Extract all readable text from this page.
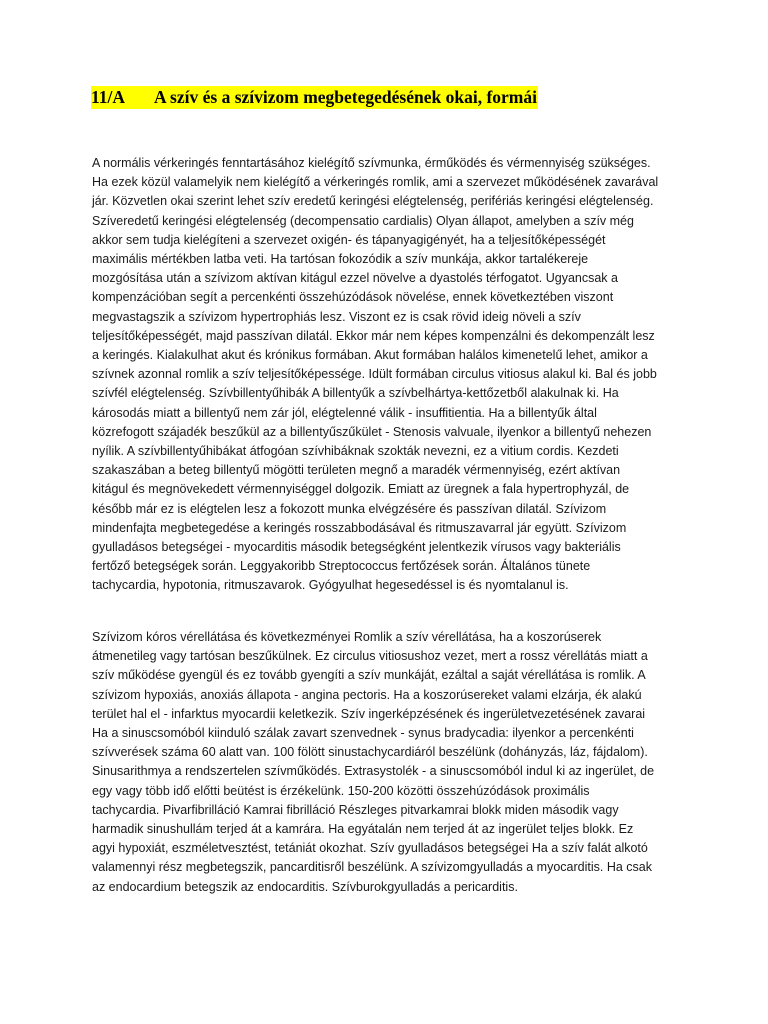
11/A A szív és a szívizom megbetegedésének okai, formái
A normális vérkeringés fenntartásához kielégítő szívmunka, érműködés és vérmennyiség szükséges.
Ha ezek közül valamelyik nem kielégítő a vérkeringés romlik, ami a szervezet működésének zavarával
jár. Közvetlen okai szerint lehet szív eredetű keringési elégtelenség, perifériás keringési elégtelenség.
Szíveredetű keringési elégtelenség (decompensatio cardialis) Olyan állapot, amelyben a szív még
akkor sem tudja kielégíteni a szervezet oxigén- és tápanyagigényét, ha a teljesítőképességét
maximális mértékben latba veti. Ha tartósan fokozódik a szív munkája, akkor tartalékereje
mozgósítása után a szívizom aktívan kitágul ezzel növelve a dyastolés térfogatot. Ugyancsak a
kompenzációban segít a percenkénti összehúzódások növelése, ennek következtében viszont
megvastagszik a szívizom hypertrophiás lesz. Viszont ez is csak rövid ideig növeli a szív
teljesítőképességét, majd passzívan dilatál. Ekkor már nem képes kompenzálni és dekompenzált lesz
a keringés. Kialakulhat akut és krónikus formában. Akut formában halálos kimenetelű lehet, amikor a
szívnek azonnal romlik a szív teljesítőképessége. Idült formában circulus vitiosus alakul ki. Bal és jobb
szívfél elégtelenség. Szívbillentyűhibák A billentyűk a szívbelhártya-kettőzetből alakulnak ki. Ha
károsodás miatt a billentyű nem zár jól, elégtelenné válik - insuffitientia. Ha a billentyűk által
közrefogott szájadék beszűkül az a billentyűszűkület - Stenosis valvuale, ilyenkor a billentyű nehezen
nyílik. A szívbillentyűhibákat átfogóan szívhibáknak szokták nevezni, ez a vitium cordis. Kezdeti
szakaszában a beteg billentyű mögötti területen megnő a maradék vérmennyiség, ezért aktívan
kitágul és megnövekedett vérmennyiséggel dolgozik. Emiatt az üregnek a fala hypertrophyzál, de
később már ez is elégtelen lesz a fokozott munka elvégzésére és passzívan dilatál. Szívizom
mindenfajta megbetegedése a keringés rosszabbodásával és ritmuszavarral jár együtt. Szívizom
gyulladásos betegségei - myocarditis második betegségként jelentkezik vírusos vagy bakteriális
fertőző betegségek során. Leggyakoribb Streptococcus fertőzések során. Általános tünete
tachycardia, hypotonia, ritmuszavarok. Gyógyulhat hegesedéssel is és nyomtalanul is.
Szívizom kóros vérellátása és következményei Romlik a szív vérellátása, ha a koszorúserek
átmenetileg vagy tartósan beszűkülnek. Ez circulus vitiosushoz vezet, mert a rossz vérellátás miatt a
szív működése gyengül és ez tovább gyengíti a szív munkáját, ezáltal a saját vérellátása is romlik. A
szívizom hypoxiás, anoxiás állapota - angina pectoris. Ha a koszorúsereket valami elzárja, ék alakú
terület hal el - infarktus myocardii keletkezik. Szív ingerképzésének és ingerületvezetésének zavarai
Ha a sinuscsomóból kiinduló szálak zavart szenvednek - synus bradycadia: ilyenkor a percenkénti
szívverések száma 60 alatt van. 100 fölött sinustachycardiáról beszélünk (dohányzás, láz, fájdalom).
Sinusarithmya a rendszertelen szívműködés. Extrasystolék - a sinuscsomóból indul ki az ingerület, de
egy vagy több idő előtti beütést is érzékelünk. 150-200 közötti összehúzódások proximális
tachycardia. Pivarfibrilláció Kamrai fibrilláció Részleges pitvarkamrai blokk miden második vagy
harmadik sinushullám terjed át a kamrára. Ha egyátalán nem terjed át az ingerület teljes blokk. Ez
agyi hypoxiát, eszméletvesztést, tetániát okozhat. Szív gyulladásos betegségei Ha a szív falát alkotó
valamennyi rész megbetegszik, pancarditisről beszélünk. A szívizomgyulladás a myocarditis. Ha csak
az endocardium betegszik az endocarditis. Szívburokgyulladás a pericarditis.
